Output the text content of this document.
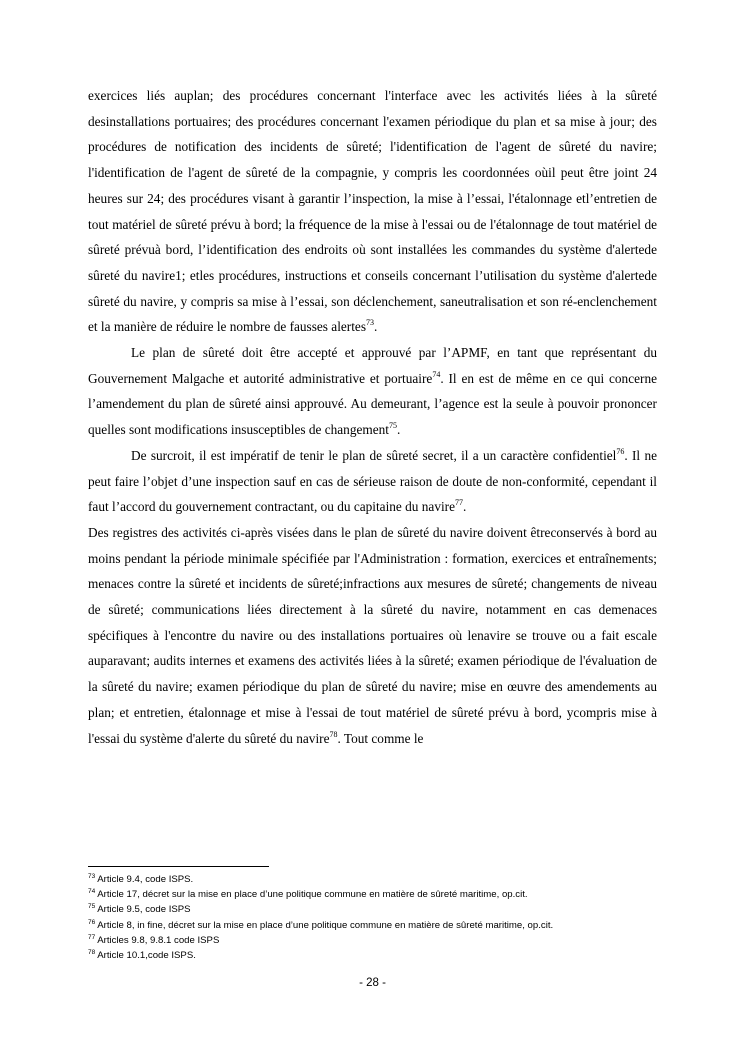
exercices liés auplan; des procédures concernant l'interface avec les activités liées à la sûreté desinstallations portuaires; des procédures concernant l'examen périodique du plan et sa mise à jour; des procédures de notification des incidents de sûreté; l'identification de l'agent de sûreté du navire; l'identification de l'agent de sûreté de la compagnie, y compris les coordonnées oùil peut être joint 24 heures sur 24; des procédures visant à garantir l’inspection, la mise à l’essai, l'étalonnage etl’entretien de tout matériel de sûreté prévu à bord; la fréquence de la mise à l'essai ou de l'étalonnage de tout matériel de sûreté prévuà bord, l’identification des endroits où sont installées les commandes du système d'alertede sûreté du navire1; etles procédures, instructions et conseils concernant l’utilisation du système d'alertede sûreté du navire, y compris sa mise à l’essai, son déclenchement, saneutralisation et son ré-enclenchement et la manière de réduire le nombre de fausses alertes$^{73}$.

Le plan de sûreté doit être accepté et approuvé par l’APMF, en tant que représentant du Gouvernement Malgache et autorité administrative et portuaire$^{74}$. Il en est de même en ce qui concerne l’amendement du plan de sûreté ainsi approuvé. Au demeurant, l’agence est la seule à pouvoir prononcer quelles sont modifications insusceptibles de changement$^{75}$.

De surcroit, il est impératif de tenir le plan de sûreté secret, il a un caractère confidentiel$^{76}$. Il ne peut faire l’objet d’une inspection sauf en cas de sérieuse raison de doute de non-conformité, cependant il faut l’accord du gouvernement contractant, ou du capitaine du navire$^{77}$.

Des registres des activités ci-après visées dans le plan de sûreté du navire doivent êtreconservés à bord au moins pendant la période minimale spécifiée par l'Administration : formation, exercices et entraînements; menaces contre la sûreté et incidents de sûreté;infractions aux mesures de sûreté; changements de niveau de sûreté; communications liées directement à la sûreté du navire, notamment en cas demenaces spécifiques à l'encontre du navire ou des installations portuaires où lenavire se trouve ou a fait escale auparavant; audits internes et examens des activités liées à la sûreté; examen périodique de l'évaluation de la sûreté du navire; examen périodique du plan de sûreté du navire; mise en œuvre des amendements au plan; et entretien, étalonnage et mise à l'essai de tout matériel de sûreté prévu à bord, ycompris mise à l'essai du système d'alerte du sûreté du navire$^{78}$. Tout comme le

$^{73}$ Article 9.4, code ISPS.
$^{74}$ Article 17, décret sur la mise en place d’une politique commune en matière de sûreté maritime, op.cit.
$^{75}$ Article 9.5, code ISPS
$^{76}$ Article 8, in fine, décret sur la mise en place d’une politique commune en matière de sûreté maritime, op.cit.
$^{77}$ Articles 9.8, 9.8.1 code ISPS
$^{78}$ Article 10.1,code ISPS.
- 28 -
